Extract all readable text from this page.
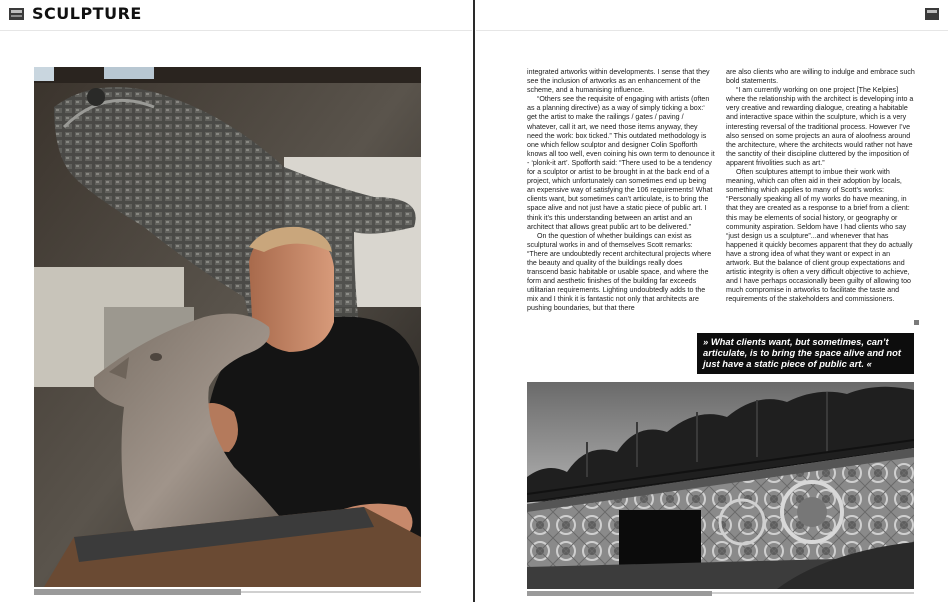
SCULPTURE

integrated artworks within developments. I sense that they see the inclusion of artworks as an enhancement of the scheme, and a humanising influence.

“Others see the requisite of engaging with artists (often as a planning directive) as a way of simply ticking a box:‘ get the artist to make the railings / gates / paving / whatever, call it art, we need those items anyway, they need the work: box ticked.” This outdated methodology is one which fellow sculptor and designer Colin Spofforth knows all too well, even coining his own term to denounce it - ‘plonk-it art’. Spofforth said: “There used to be a tendency for a sculptor or artist to be brought in at the back end of a project, which unfortunately can sometimes end up being an expensive way of satisfying the 106 requirements! What clients want, but sometimes can’t articulate, is to bring the space alive and not just have a static piece of public art. I think it’s this understanding between an artist and an architect that allows great public art to be delivered.”

On the question of whether buildings can exist as sculptural works in and of themselves Scott remarks: “There are undoubtedly recent architectural projects where the beauty and quality of the buildings really does transcend basic habitable or usable space, and where the form and aesthetic finishes of the building far exceeds utilitarian requirements. Lighting undoubtedly adds to the mix and I think it is fantastic not only that architects are pushing boundaries, but that there

are also clients who are willing to indulge and embrace such bold statements.

“I am currently working on one project [The Kelpies] where the relationship with the architect is developing into a very creative and rewarding dialogue, creating a habitable and interactive space within the sculpture, which is a very interesting reversal of the traditional process. However I’ve also sensed on some projects an aura of aloofness around the architecture, where the architects would rather not have the sanctity of their discipline cluttered by the imposition of apparent frivolities such as art.”

Often sculptures attempt to imbue their work with meaning, which can often aid in their adoption by locals, something which applies to many of Scott’s works: “Personally speaking all of my works do have meaning, in that they are created as a response to a brief from a client: this may be elements of social history, or geography or community aspiration. Seldom have I had clients who say “just design us a sculpture”...and whenever that has happened it quickly becomes apparent that they do actually have a strong idea of what they want or expect in an artwork. But the balance of client group expectations and artistic integrity is often a very difficult objective to achieve, and I have perhaps occasionally been guilty of allowing too much compromise in artworks to facilitate the taste and requirements of the stakeholders and commissioners.

» What clients want, but sometimes, can’t articulate, is to bring the space alive and not just have a static piece of public art. «
